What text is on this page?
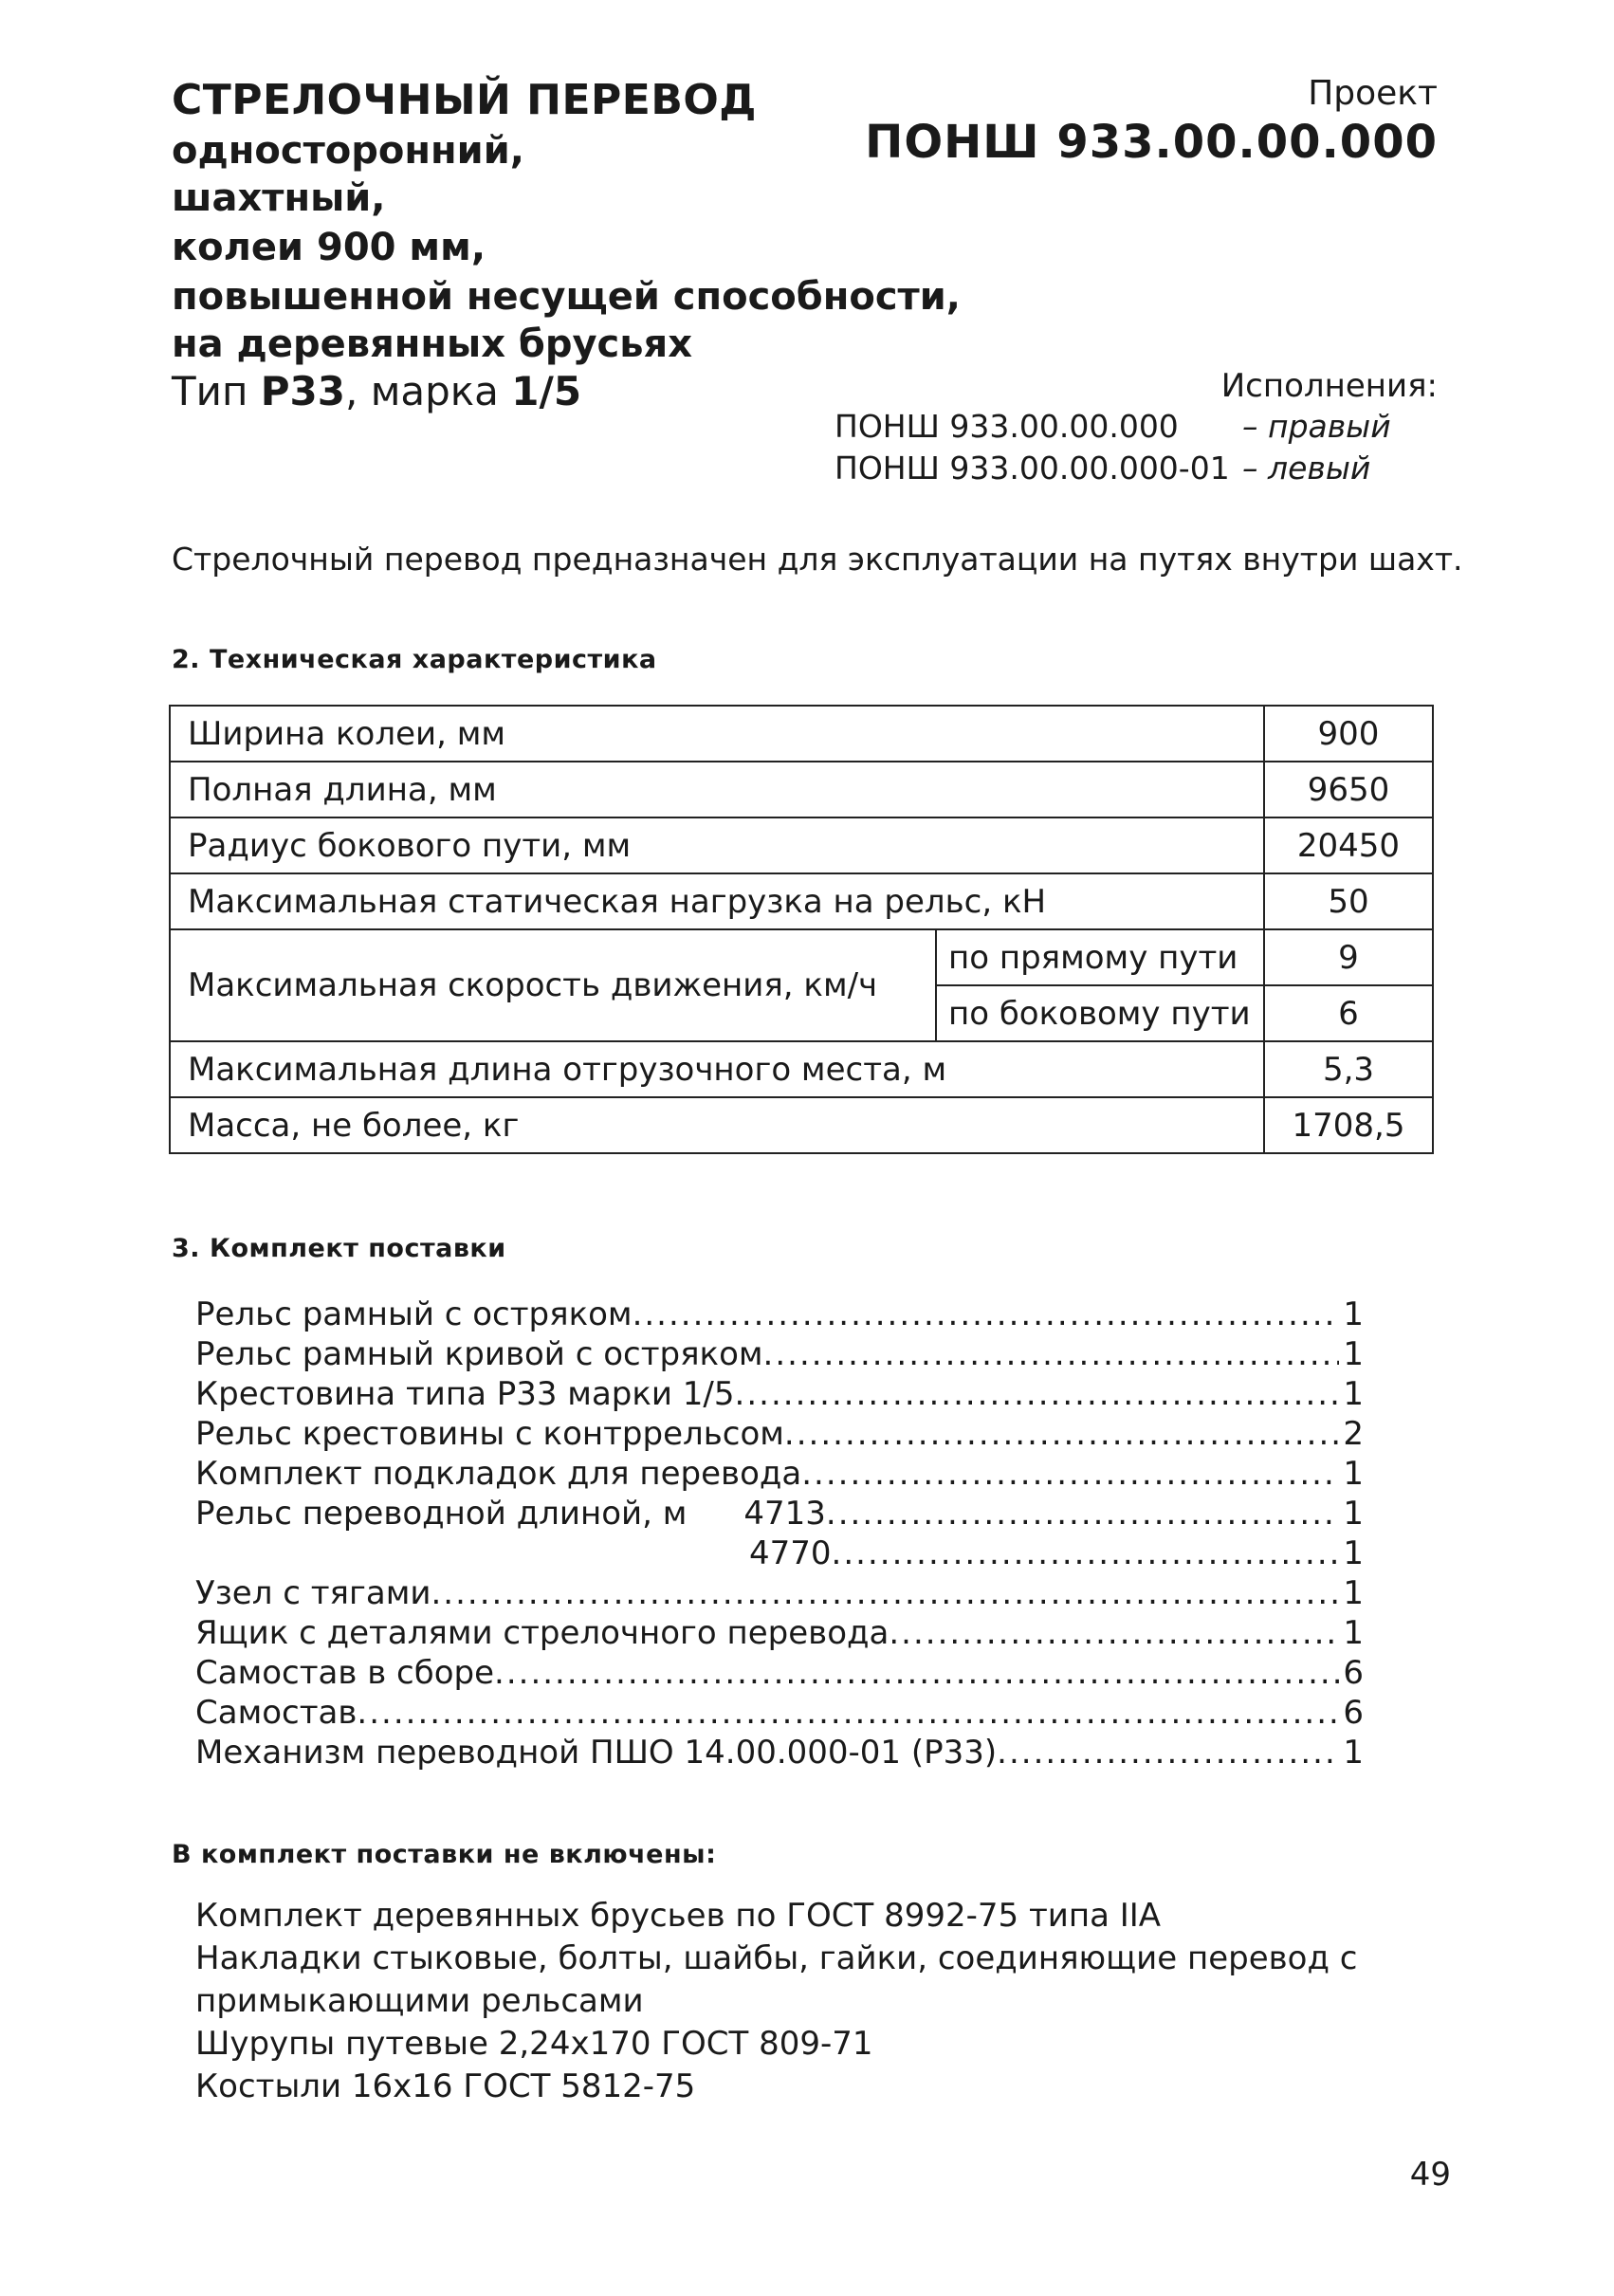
СТРЕЛОЧНЫЙ ПЕРЕВОД
односторонний,
шахтный,
колеи 900 мм,
повышенной несущей способности,
на деревянных брусьях
Тип Р33, марка 1/5
Проект
ПОНШ 933.00.00.000
Исполнения:
ПОНШ 933.00.00.000 – правый
ПОНШ 933.00.00.000-01 – левый
Стрелочный перевод предназначен для эксплуатации на путях внутри шахт.
2. Техническая характеристика
Ширина колеи, мм		900
Полная длина, мм		9650
Радиус бокового пути, мм		20450
Максимальная статическая нагрузка на рельс, кН		50
Максимальная скорость движения, км/ч	по прямому пути	9
	по боковому пути	6
Максимальная длина отгрузочного места, м		5,3
Масса, не более, кг		1708,5
3. Комплект поставки
Рельс рамный с остряком .....	1
Рельс рамный кривой с остряком .....	1
Крестовина типа Р33 марки 1/5 .....	1
Рельс крестовины с контррельсом .....	2
Комплект подкладок для перевода .....	1
Рельс переводной длиной, м 4713 .....	1
4770 .....	1
Узел с тягами .....	1
Ящик с деталями стрелочного перевода .....	1
Самостав в сборе .....	6
Самостав .....	6
Механизм переводной ПШО 14.00.000-01 (Р33) .....	1
В комплект поставки не включены:
Комплект деревянных брусьев по ГОСТ 8992-75 типа IIА
Накладки стыковые, болты, шайбы, гайки, соединяющие перевод с
примыкающими рельсами
Шурупы путевые 2,24х170 ГОСТ 809-71
Костыли 16х16 ГОСТ 5812-75
49
